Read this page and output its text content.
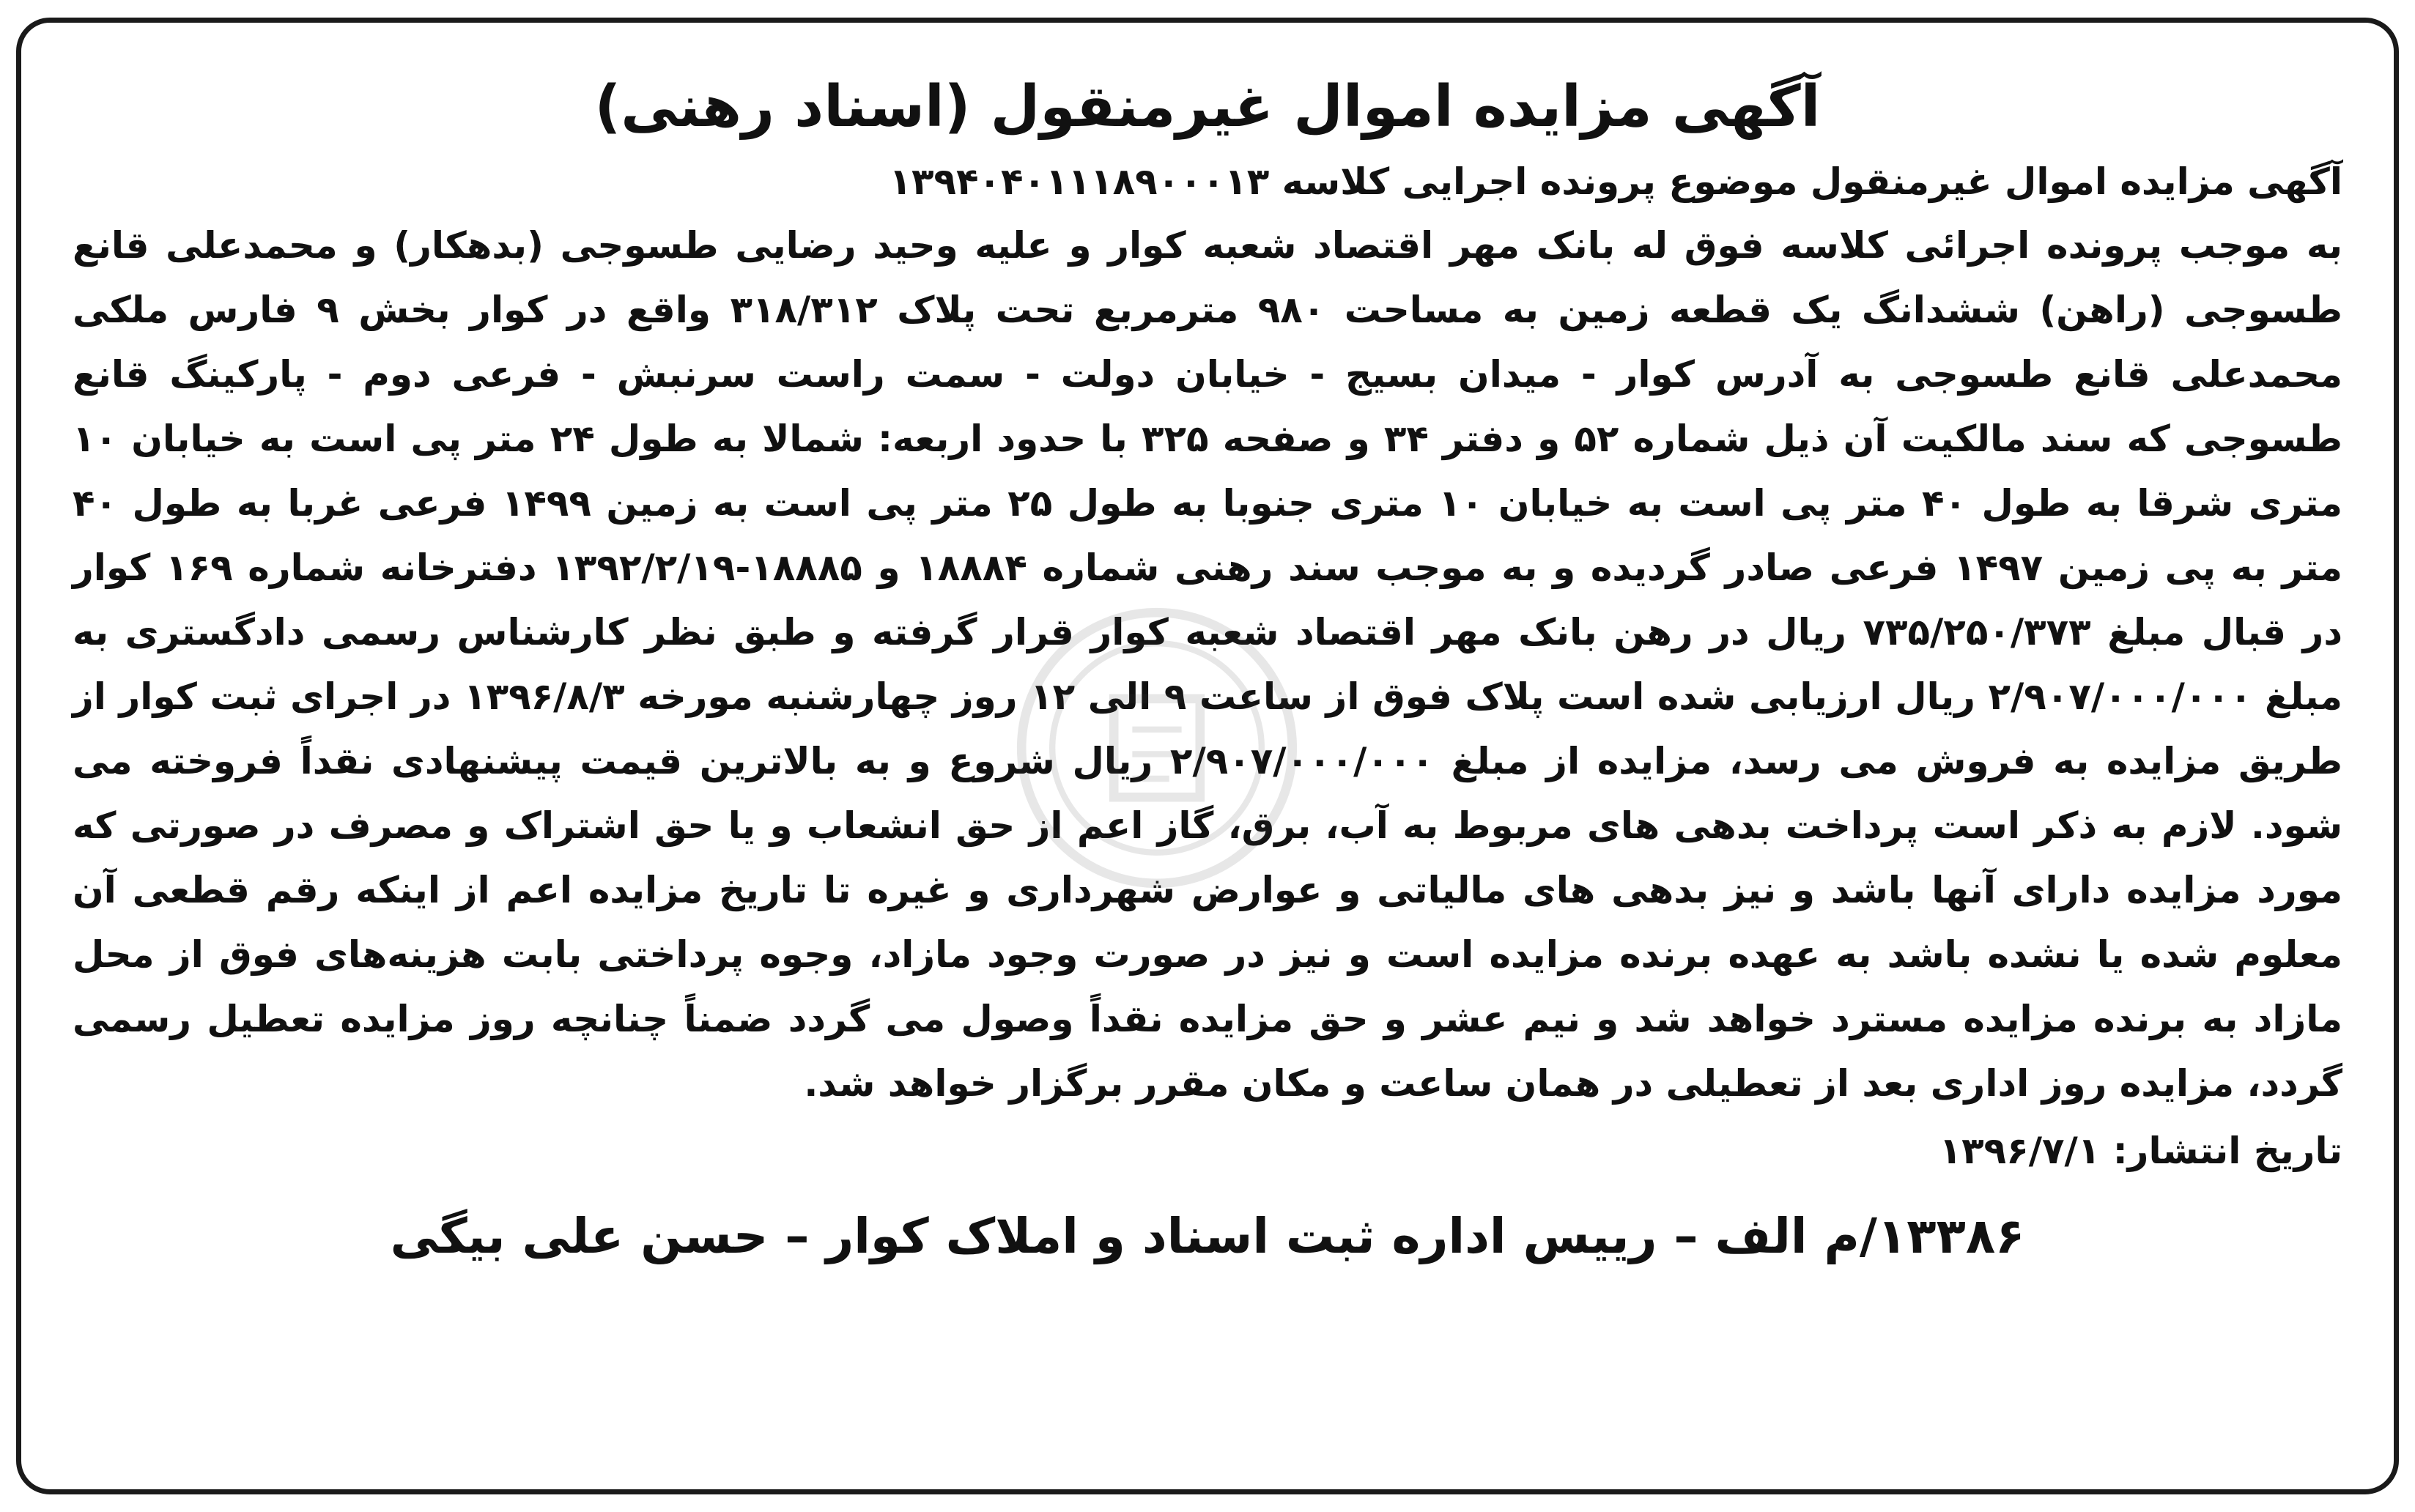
آگهی مزایده اموال غیرمنقول (اسناد رهنی)
آگهی مزایده اموال غیرمنقول موضوع پرونده اجرایی کلاسه ۱۳۹۴۰۴۰۱۱۱۸۹۰۰۰۱۳

به موجب پرونده اجرائی کلاسه فوق له بانک مهر اقتصاد شعبه کوار و علیه وحید رضایی طسوجی (بدهکار) و محمدعلی قانع طسوجی (راهن) ششدانگ یک قطعه زمین به مساحت ۹۸۰ مترمربع تحت پلاک ۳۱۸/۳۱۲ واقع در کوار بخش ۹ فارس ملکی محمدعلی قانع طسوجی به آدرس کوار - میدان بسیج - خیابان دولت - سمت راست سرنبش - فرعی دوم - پارکینگ قانع طسوجی که سند مالکیت آن ذیل شماره ۵۲ و دفتر ۳۴ و صفحه ۳۲۵ با حدود اربعه: شمالا به طول ۲۴ متر پی است به خیابان ۱۰ متری شرقا به طول ۴۰ متر پی است به خیابان ۱۰ متری جنوبا به طول ۲۵ متر پی است به زمین ۱۴۹۹ فرعی غربا به طول ۴۰ متر به پی زمین ۱۴۹۷ فرعی صادر گردیده و به موجب سند رهنی شماره ۱۸۸۸۴ و ۱۸۸۸۵-۱۳۹۲/۲/۱۹ دفترخانه شماره ۱۶۹ کوار در قبال مبلغ ۷۳۵/۲۵۰/۳۷۳ ریال در رهن بانک مهر اقتصاد شعبه کوار قرار گرفته و طبق نظر کارشناس رسمی دادگستری به مبلغ ۲/۹۰۷/۰۰۰/۰۰۰ ریال ارزیابی شده است پلاک فوق از ساعت ۹ الی ۱۲ روز چهارشنبه مورخه ۱۳۹۶/۸/۳ در اجرای ثبت کوار از طریق مزایده به فروش می رسد، مزایده از مبلغ ۲/۹۰۷/۰۰۰/۰۰۰ ریال شروع و به بالاترین قیمت پیشنهادی نقداً فروخته می شود. لازم به ذکر است پرداخت بدهی های مربوط به آب، برق، گاز اعم از حق انشعاب و یا حق اشتراک و مصرف در صورتی که مورد مزایده دارای آنها باشد و نیز بدهی های مالیاتی و عوارض شهرداری و غیره تا تاریخ مزایده اعم از اینکه رقم قطعی آن معلوم شده یا نشده باشد به عهده برنده مزایده است و نیز در صورت وجود مازاد، وجوه پرداختی بابت هزینه‌های فوق از محل مازاد به برنده مزایده مسترد خواهد شد و نیم عشر و حق مزایده نقداً وصول می گردد ضمناً چنانچه روز مزایده تعطیل رسمی گردد، مزایده روز اداری بعد از تعطیلی در همان ساعت و مکان مقرر برگزار خواهد شد.

تاریخ انتشار: ۱۳۹۶/۷/۱
۱۳۳۸۶/م الف – رییس اداره ثبت اسناد و املاک کوار – حسن علی بیگی
